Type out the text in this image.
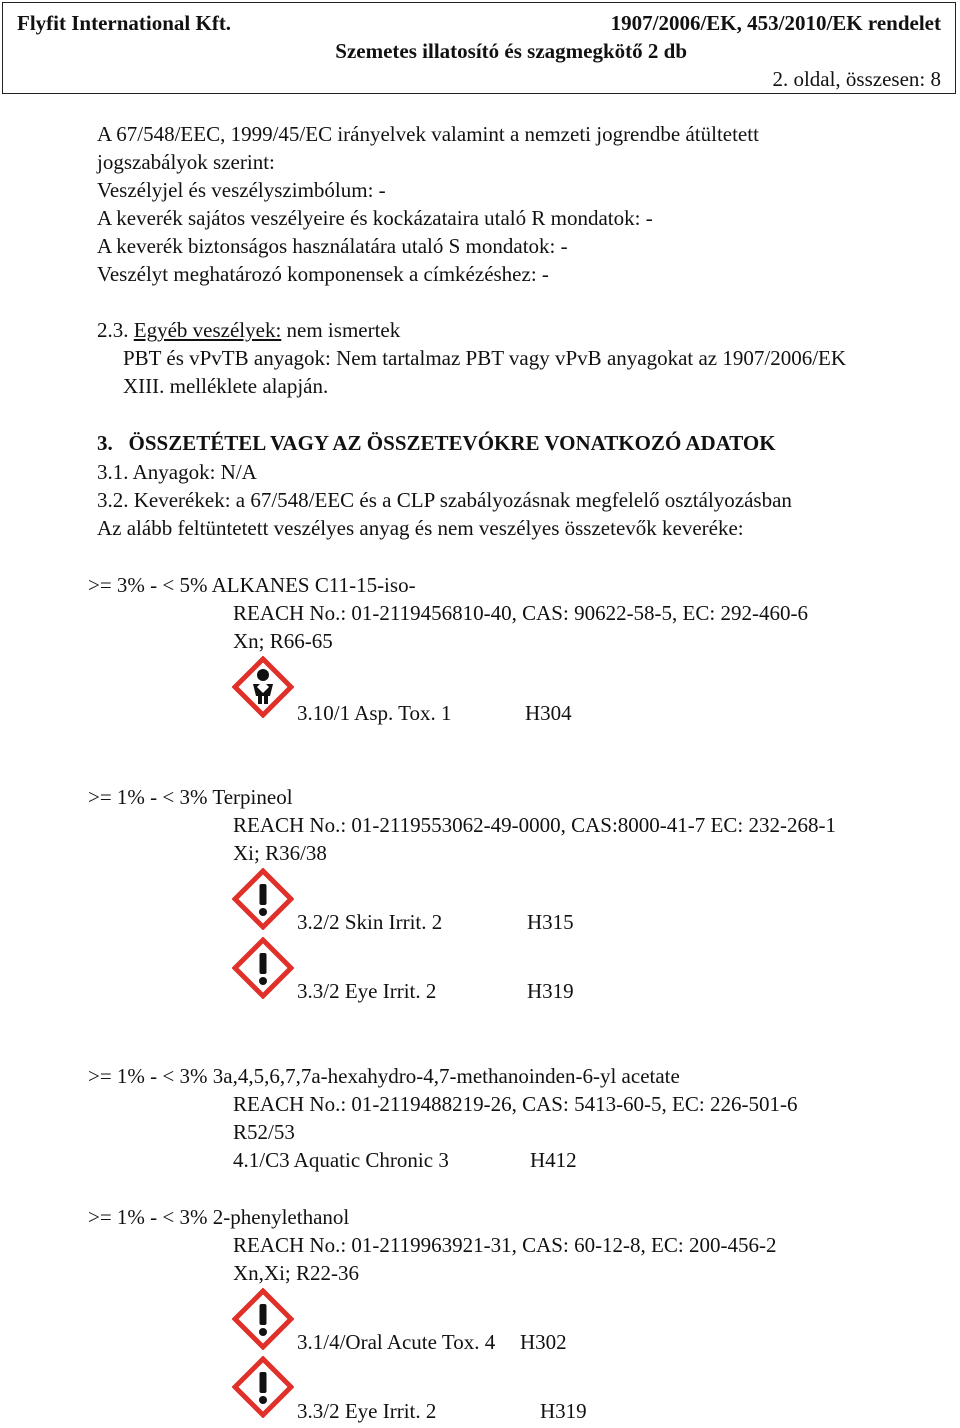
Flyfit International Kft.	1907/2006/EK, 453/2010/EK rendelet
Szemetes illatosító és szagmegkötő 2 db
2. oldal, összesen: 8
A 67/548/EEC, 1999/45/EC irányelvek valamint a nemzeti jogrendbe átültetett
jogszabályok szerint:
Veszélyjel és veszélyszimbólum: -
A keverék sajátos veszélyeire és kockázataira utaló R mondatok: -
A keverék biztonságos használatára utaló S mondatok: -
Veszélyt meghatározó komponensek a címkézéshez: -
2.3. Egyéb veszélyek: nem ismertek
PBT és vPvTB anyagok: Nem tartalmaz PBT vagy vPvB anyagokat az 1907/2006/EK
XIII. melléklete alapján.
3.   ÖSSZETÉTEL VAGY AZ ÖSSZETEVÓKRE VONATKOZÓ ADATOK
3.1. Anyagok: N/A
3.2. Keverékek: a 67/548/EEC és a CLP szabályozásnak megfelelő osztályozásban
Az alább feltüntetett veszélyes anyag és nem veszélyes összetevők keveréke:
>= 3% - < 5% ALKANES C11-15-iso-
REACH No.: 01-2119456810-40, CAS: 90622-58-5, EC: 292-460-6
Xn; R66-65
3.10/1 Asp. Tox. 1	H304
>= 1% - < 3% Terpineol
REACH No.: 01-2119553062-49-0000, CAS:8000-41-7 EC: 232-268-1
Xi; R36/38
3.2/2 Skin Irrit. 2	H315
3.3/2 Eye Irrit. 2	H319
>= 1% - < 3% 3a,4,5,6,7,7a-hexahydro-4,7-methanoinden-6-yl acetate
REACH No.: 01-2119488219-26, CAS: 5413-60-5, EC: 226-501-6
R52/53
4.1/C3 Aquatic Chronic 3	H412
>= 1% - < 3% 2-phenylethanol
REACH No.: 01-2119963921-31, CAS: 60-12-8, EC: 200-456-2
Xn,Xi; R22-36
3.1/4/Oral Acute Tox. 4 H302
3.3/2 Eye Irrit. 2	H319
